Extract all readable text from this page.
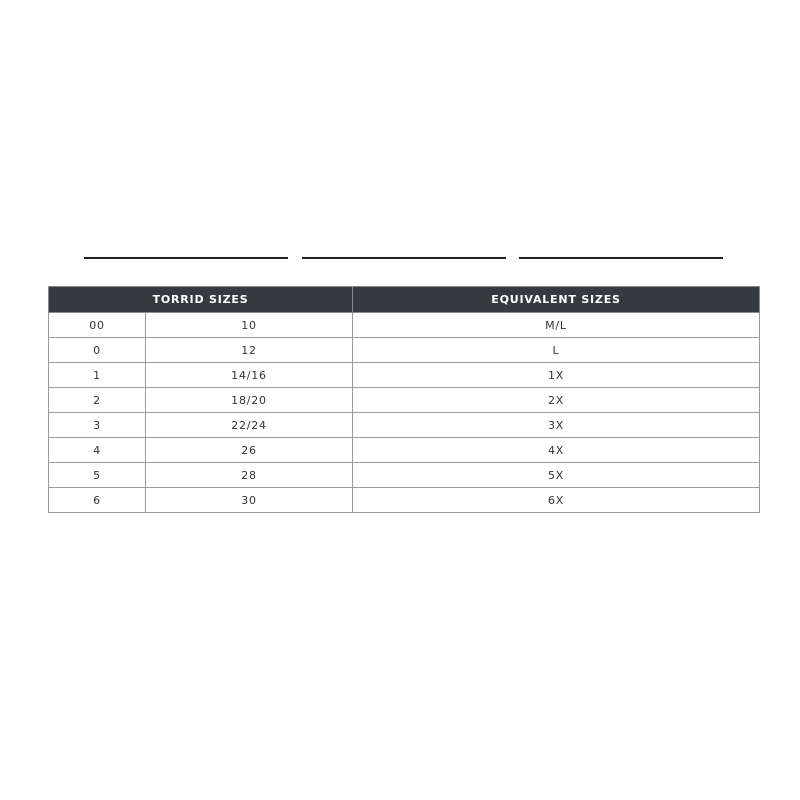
TORRID SIZES		EQUIVALENT SIZES
00	10	M/L
0	12	L
1	14/16	1X
2	18/20	2X
3	22/24	3X
4	26	4X
5	28	5X
6	30	6X
